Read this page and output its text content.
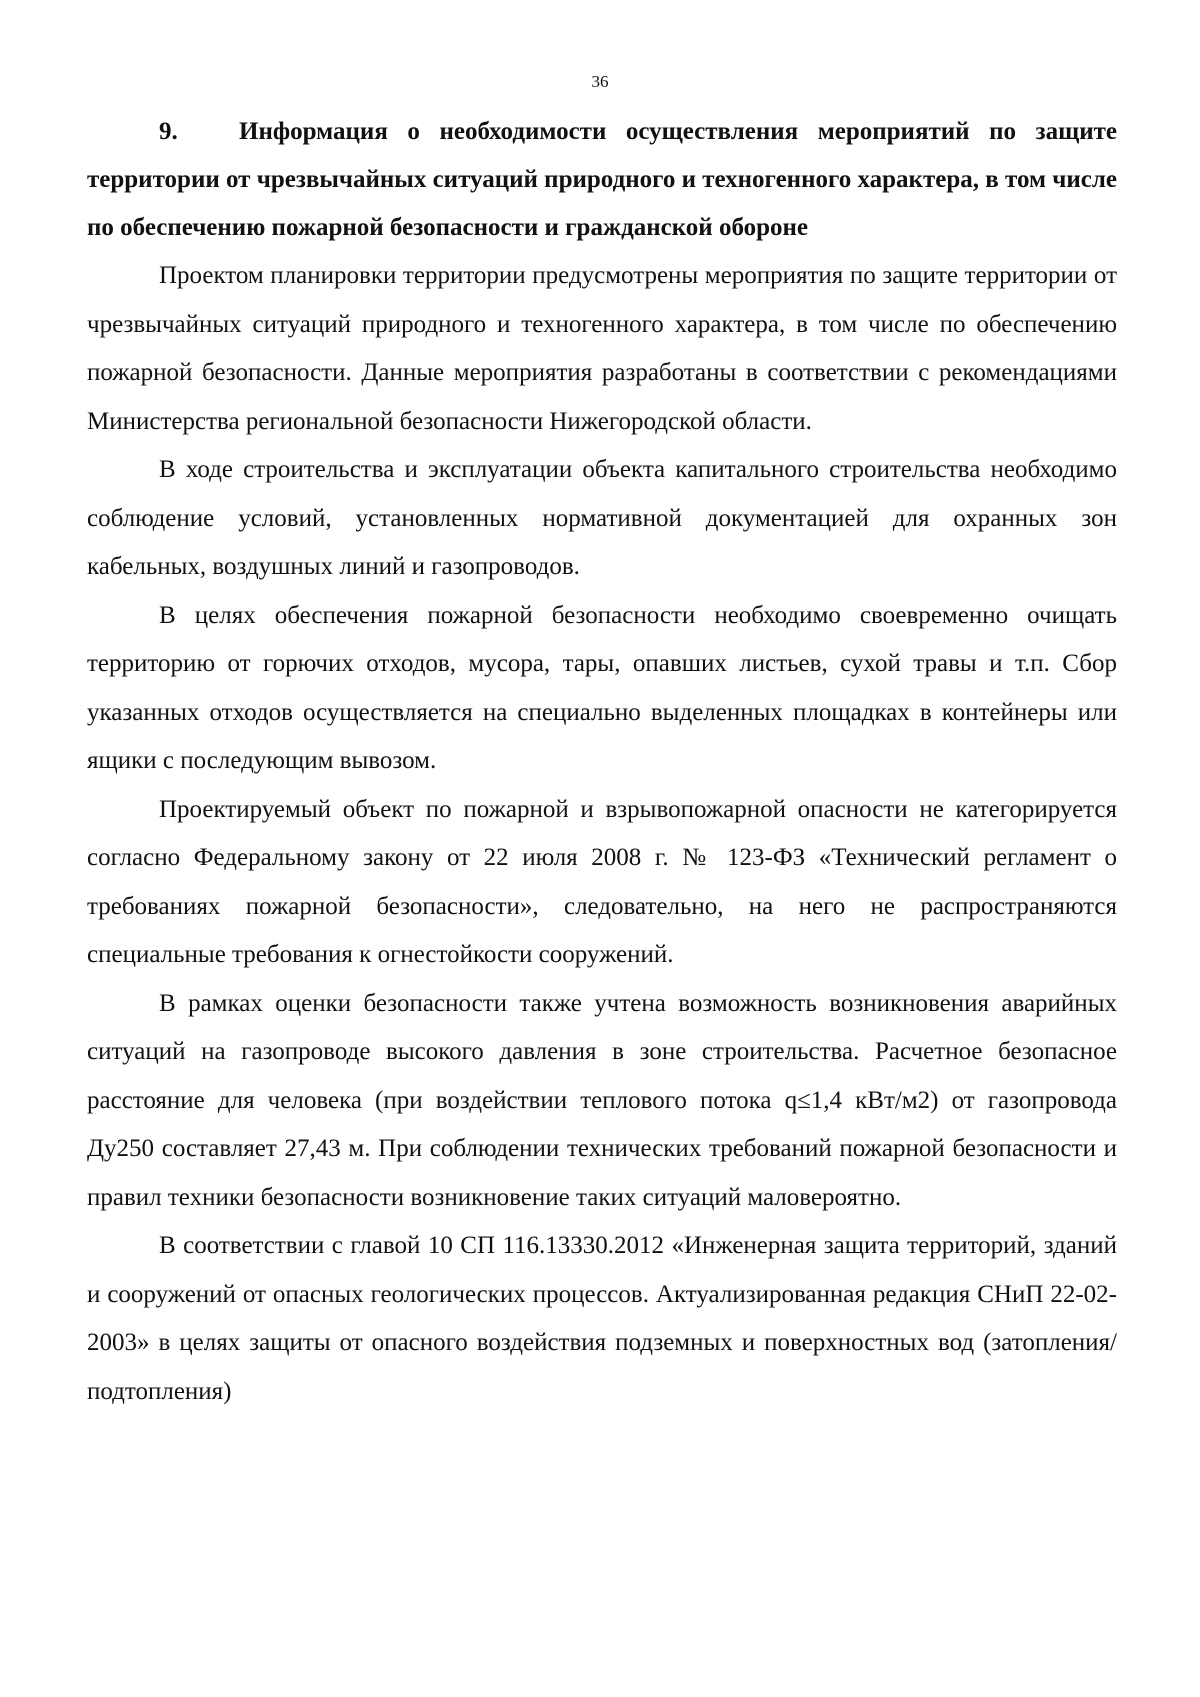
36

9. Информация о необходимости осуществления мероприятий по защите территории от чрезвычайных ситуаций природного и техногенного характера, в том числе по обеспечению пожарной безопасности и гражданской обороне

Проектом планировки территории предусмотрены мероприятия по защите территории от чрезвычайных ситуаций природного и техногенного характера, в том числе по обеспечению пожарной безопасности. Данные мероприятия разработаны в соответствии с рекомендациями Министерства региональной безопасности Нижегородской области.

В ходе строительства и эксплуатации объекта капитального строительства необходимо соблюдение условий, установленных нормативной документацией для охранных зон кабельных, воздушных линий и газопроводов.

В целях обеспечения пожарной безопасности необходимо своевременно очищать территорию от горючих отходов, мусора, тары, опавших листьев, сухой травы и т.п. Сбор указанных отходов осуществляется на специально выделенных площадках в контейнеры или ящики с последующим вывозом.

Проектируемый объект по пожарной и взрывопожарной опасности не категорируется согласно Федеральному закону от 22 июля 2008 г. № 123-ФЗ «Технический регламент о требованиях пожарной безопасности», следовательно, на него не распространяются специальные требования к огнестойкости сооружений.

В рамках оценки безопасности также учтена возможность возникновения аварийных ситуаций на газопроводе высокого давления в зоне строительства. Расчетное безопасное расстояние для человека (при воздействии теплового потока q≤1,4 кВт/м2) от газопровода Ду250 составляет 27,43 м. При соблюдении технических требований пожарной безопасности и правил техники безопасности возникновение таких ситуаций маловероятно.

В соответствии с главой 10 СП 116.13330.2012 «Инженерная защита территорий, зданий и сооружений от опасных геологических процессов. Актуализированная редакция СНиП 22-02-2003» в целях защиты от опасного воздействия подземных и поверхностных вод (затопления/подтопления)
